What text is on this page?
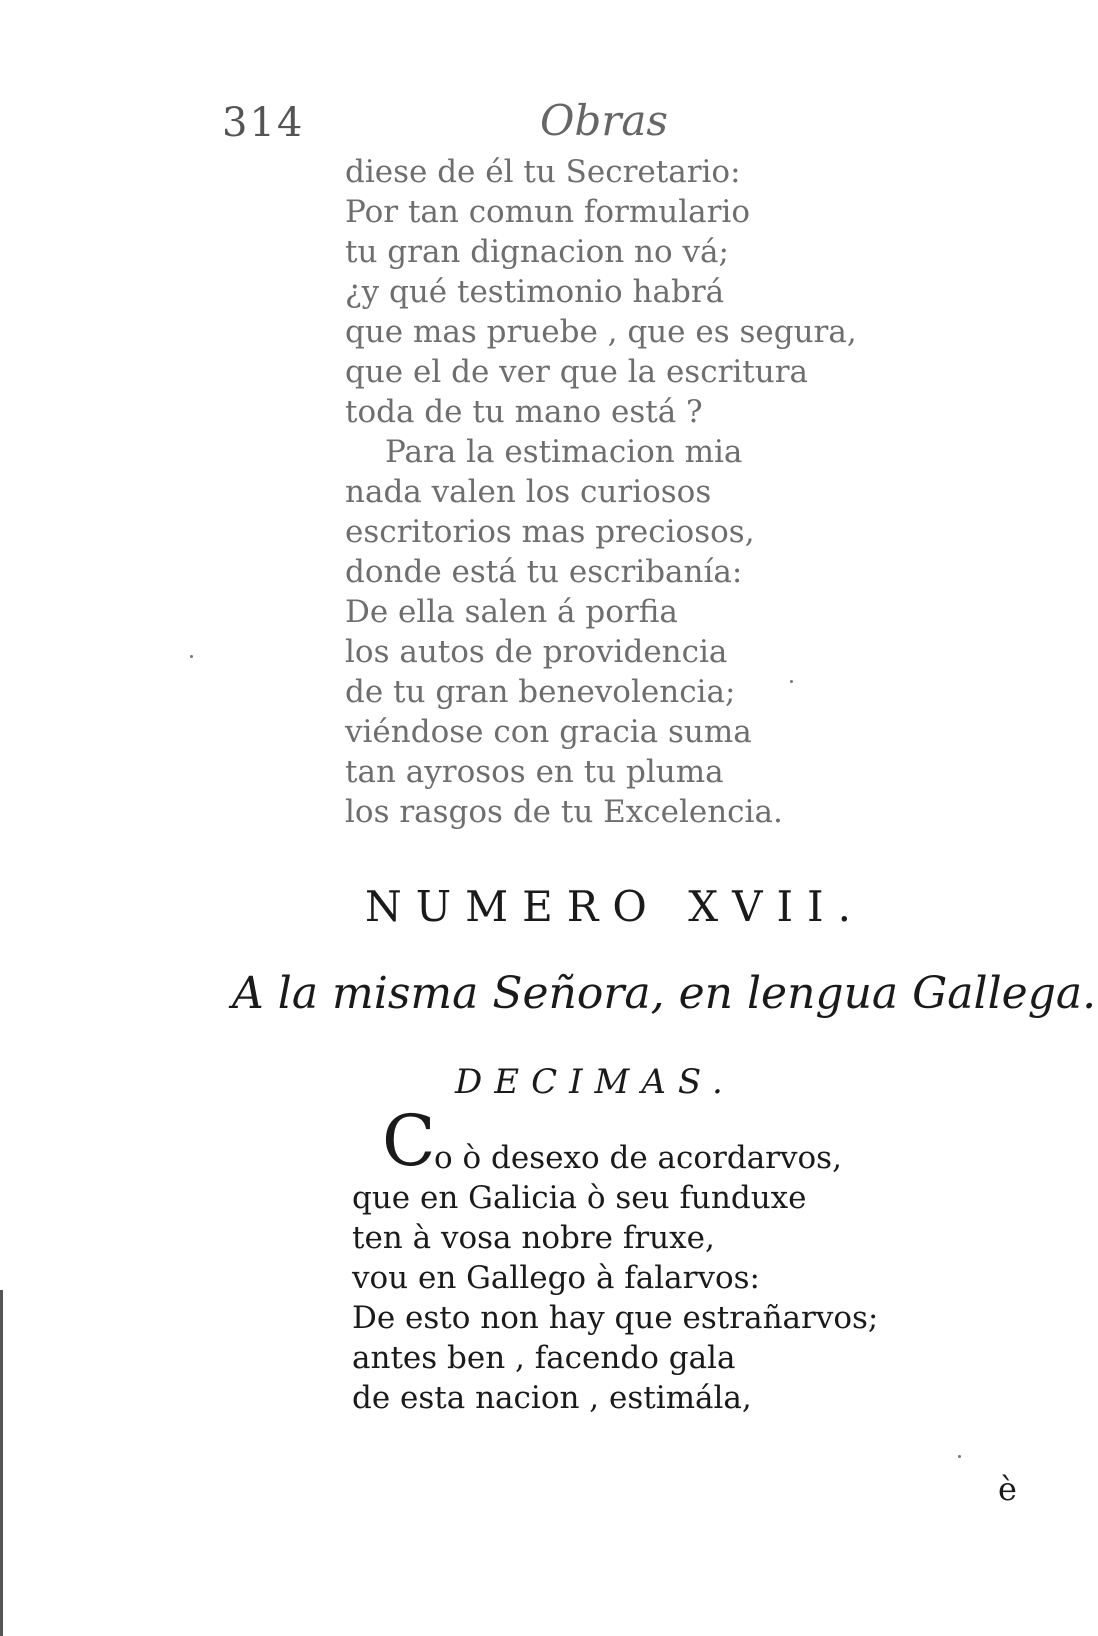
314	Obras
diese de él tu Secretario:
Por tan comun formulario
tu gran dignacion no vá;
¿y qué testimonio habrá
que mas pruebe , que es segura,
que el de ver que la escritura
toda de tu mano está ?
Para la estimacion mia
nada valen los curiosos
escritorios mas preciosos,
donde está tu escribanía:
De ella salen á porfia
los autos de providencia
de tu gran benevolencia;
viéndose con gracia suma
tan ayrosos en tu pluma
los rasgos de tu Excelencia.
NUMERO XVII.
A la misma Señora, en lengua Gallega.
DECIMAS.
C
o ò desexo de acordarvos,
que en Galicia ò seu funduxe
ten à vosa nobre fruxe,
vou en Gallego à falarvos:
De esto non hay que estrañarvos;
antes ben , facendo gala
de esta nacion , estimála,
è
